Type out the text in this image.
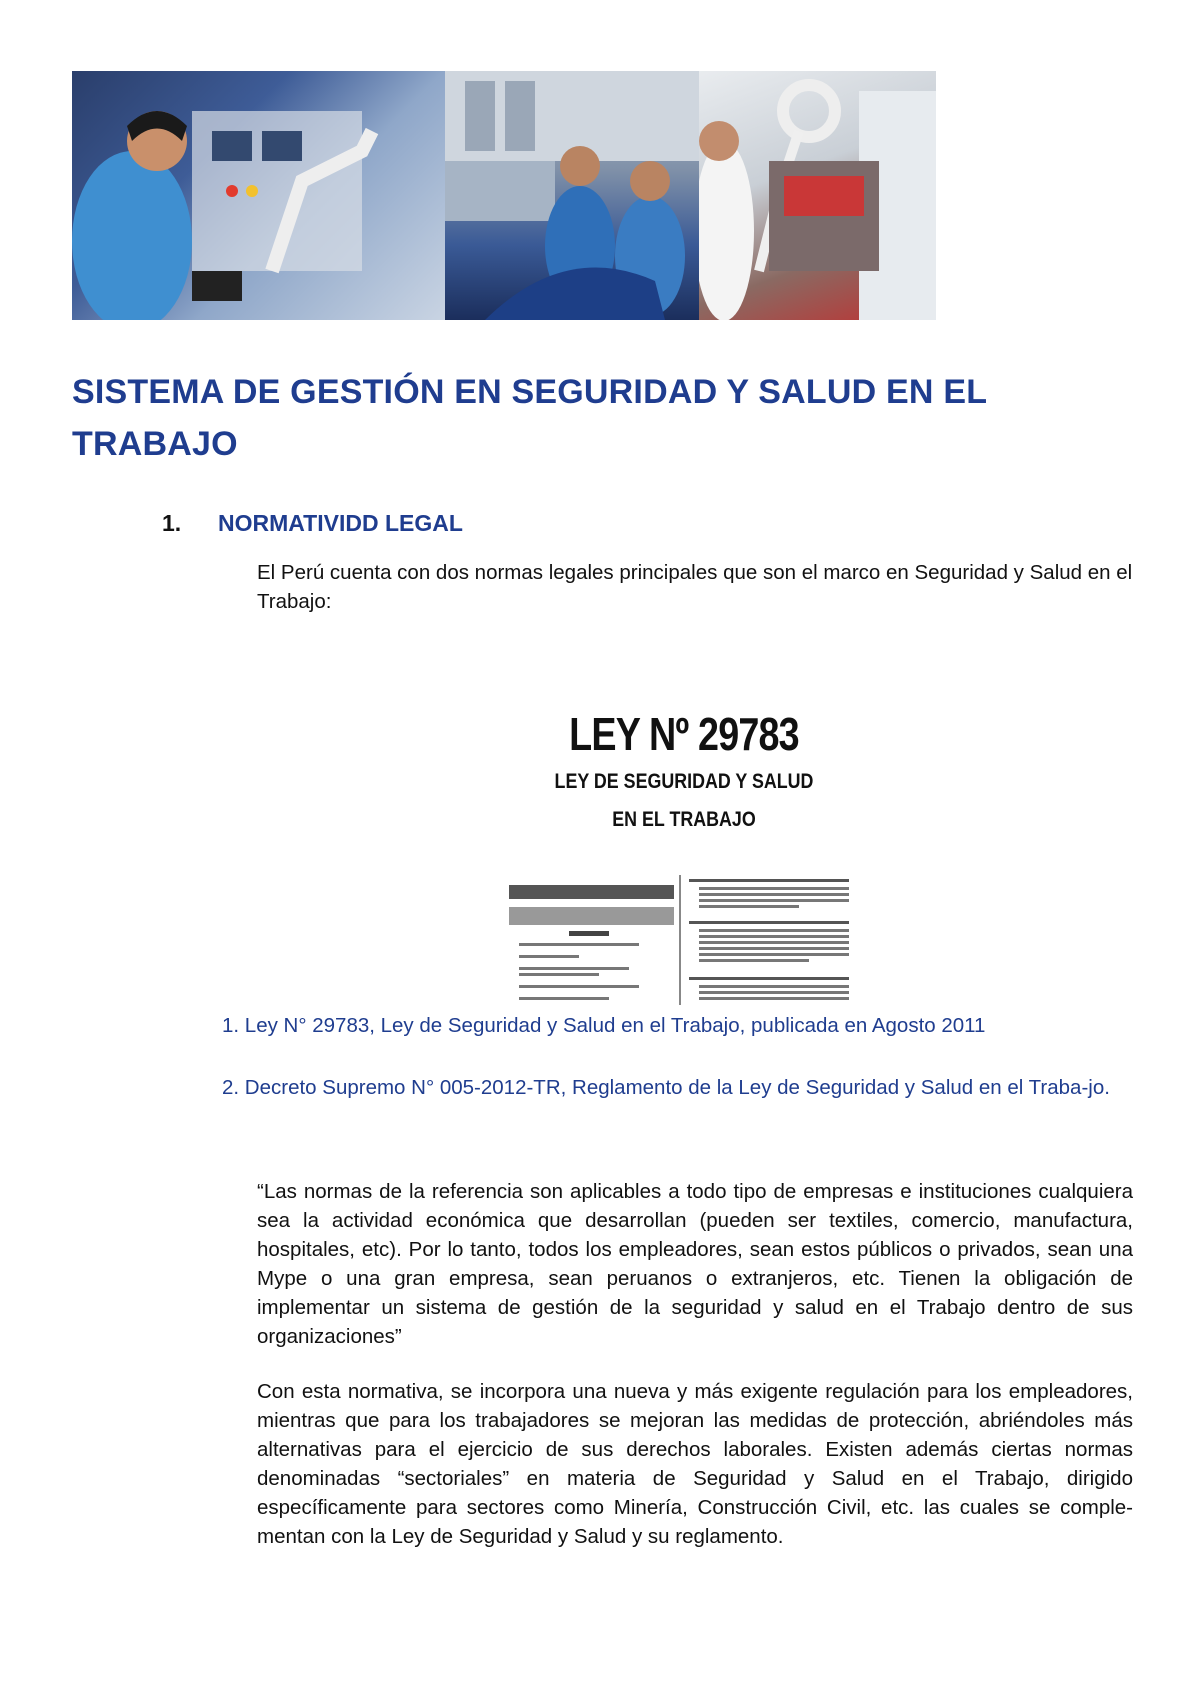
SISTEMA DE GESTIÓN EN SEGURIDAD Y SALUD EN EL TRABAJO
1. NORMATIVIDD LEGAL
El Perú cuenta con dos normas legales principales que son el marco en Seguridad y Salud en el Trabajo:
LEY Nº 29783
LEY DE SEGURIDAD Y SALUD
EN EL TRABAJO
1. Ley N° 29783, Ley de Seguridad y Salud en el Trabajo, publicada en Agosto 2011
2. Decreto Supremo N° 005-2012-TR, Reglamento de la Ley de Seguridad y Salud en el Traba-jo.
“Las normas de la referencia son aplicables a todo tipo de empresas e instituciones cualquiera sea la actividad económica que desarrollan (pueden ser textiles, comercio, manufactura, hospitales, etc). Por lo tanto, todos los empleadores, sean estos públicos o privados, sean una Mype o una gran empresa, sean peruanos o extranjeros, etc. Tienen la obligación de implementar un sistema de gestión de la seguridad y salud en el Trabajo dentro de sus organizaciones”
Con esta normativa, se incorpora una nueva y más exigente regulación para los empleadores, mientras que para los trabajadores se mejoran las medidas de protección, abriéndoles más alternativas para el ejercicio de sus derechos laborales. Existen además ciertas normas denominadas “sectoriales” en materia de Seguridad y Salud en el Trabajo, dirigido específicamente para sectores como Minería, Construcción Civil, etc. las cuales se comple- mentan con la Ley de Seguridad y Salud y su reglamento.
